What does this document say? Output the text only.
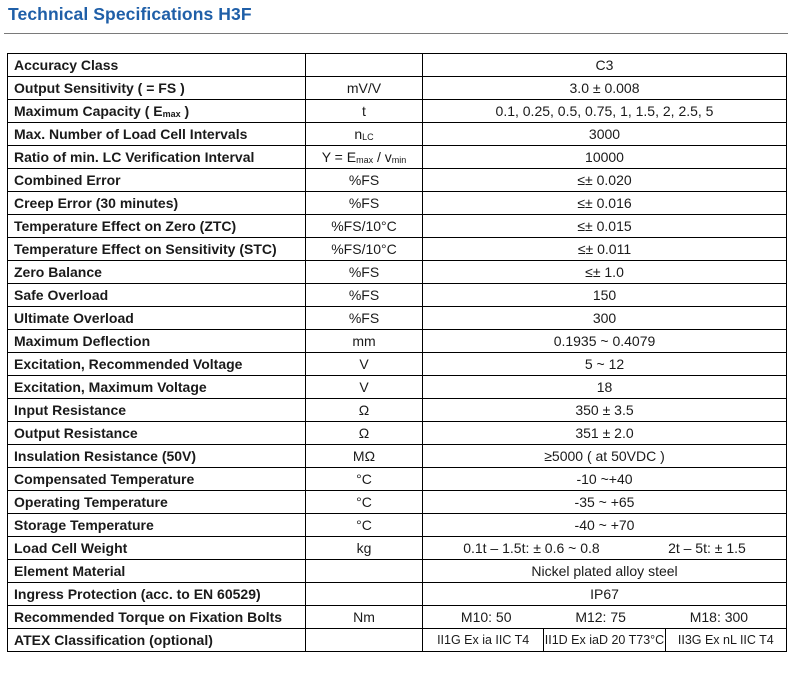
Technical Specifications H3F
Accuracy Class		C3
Output Sensitivity ( = FS )	mV/V	3.0 ± 0.008
Maximum Capacity ( $E_{max}$ )	t	0.1, 0.25, 0.5, 0.75, 1, 1.5, 2, 2.5, 5
Max. Number of Load Cell Intervals	$n_{LC}$	3000
Ratio of min. LC Verification Interval	$Y = E_{max} / v_{min}$	10000
Combined Error	%FS	≤± 0.020
Creep Error (30 minutes)	%FS	≤± 0.016
Temperature Effect on Zero (ZTC)	%FS/10°C	≤± 0.015
Temperature Effect on Sensitivity (STC)	%FS/10°C	≤± 0.011
Zero Balance	%FS	≤± 1.0
Safe Overload	%FS	150
Ultimate Overload	%FS	300
Maximum Deflection	mm	0.1935 ~ 0.4079
Excitation, Recommended Voltage	V	5 ~ 12
Excitation, Maximum Voltage	V	18
Input Resistance	Ω	350 ± 3.5
Output Resistance	Ω	351 ± 2.0
Insulation Resistance (50V)	MΩ	≥5000 ( at 50VDC )
Compensated Temperature	°C	-10 ~+40
Operating Temperature	°C	-35 ~ +65
Storage Temperature	°C	-40 ~ +70
Load Cell Weight	kg	0.1t – 1.5t: ± 0.6 ~ 0.8 2t – 5t: ± 1.5

Element Material		Nickel plated alloy steel
Ingress Protection (acc. to EN 60529)		IP67
Recommended Torque on Fixation Bolts	Nm	M10: 50 M12: 75 M18: 300

ATEX Classification (optional)		II1G Ex ia IIC T4 II1D Ex iaD 20 T73°C II3G Ex nL IIC T4
